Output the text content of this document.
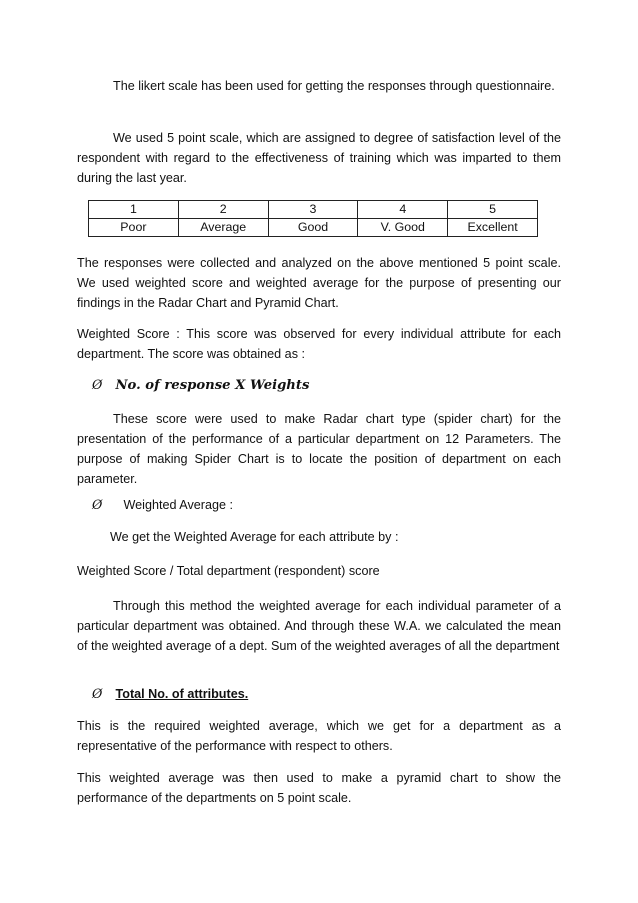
The likert scale has been used for getting the responses through questionnaire.

We used 5 point scale, which are assigned to degree of satisfaction level of the respondent with regard to the effectiveness of training which was imparted to them during the last year.

1	2	3	4	5
Poor	Average	Good	V. Good	Excellent

The responses were collected and analyzed on the above mentioned 5 point scale. We used weighted score and weighted average for the purpose of presenting our findings in the Radar Chart and Pyramid Chart.

Weighted Score : This score was observed for every individual attribute for each department. The score was obtained as :

Ø No. of response X Weights

These score were used to make Radar chart type (spider chart) for the presentation of the performance of a particular department on 12 Parameters. The purpose of making Spider Chart is to locate the position of department on each parameter.

Ø Weighted Average :
We get the Weighted Average for each attribute by :
Weighted Score / Total department (respondent) score

Through this method the weighted average for each individual parameter of a particular department was obtained. And through these W.A. we calculated the mean of the weighted average of a dept. Sum of the weighted averages of all the department

Ø Total No. of attributes.

This is the required weighted average, which we get for a department as a representative of the performance with respect to others.

This weighted average was then used to make a pyramid chart to show the performance of the departments on 5 point scale.
